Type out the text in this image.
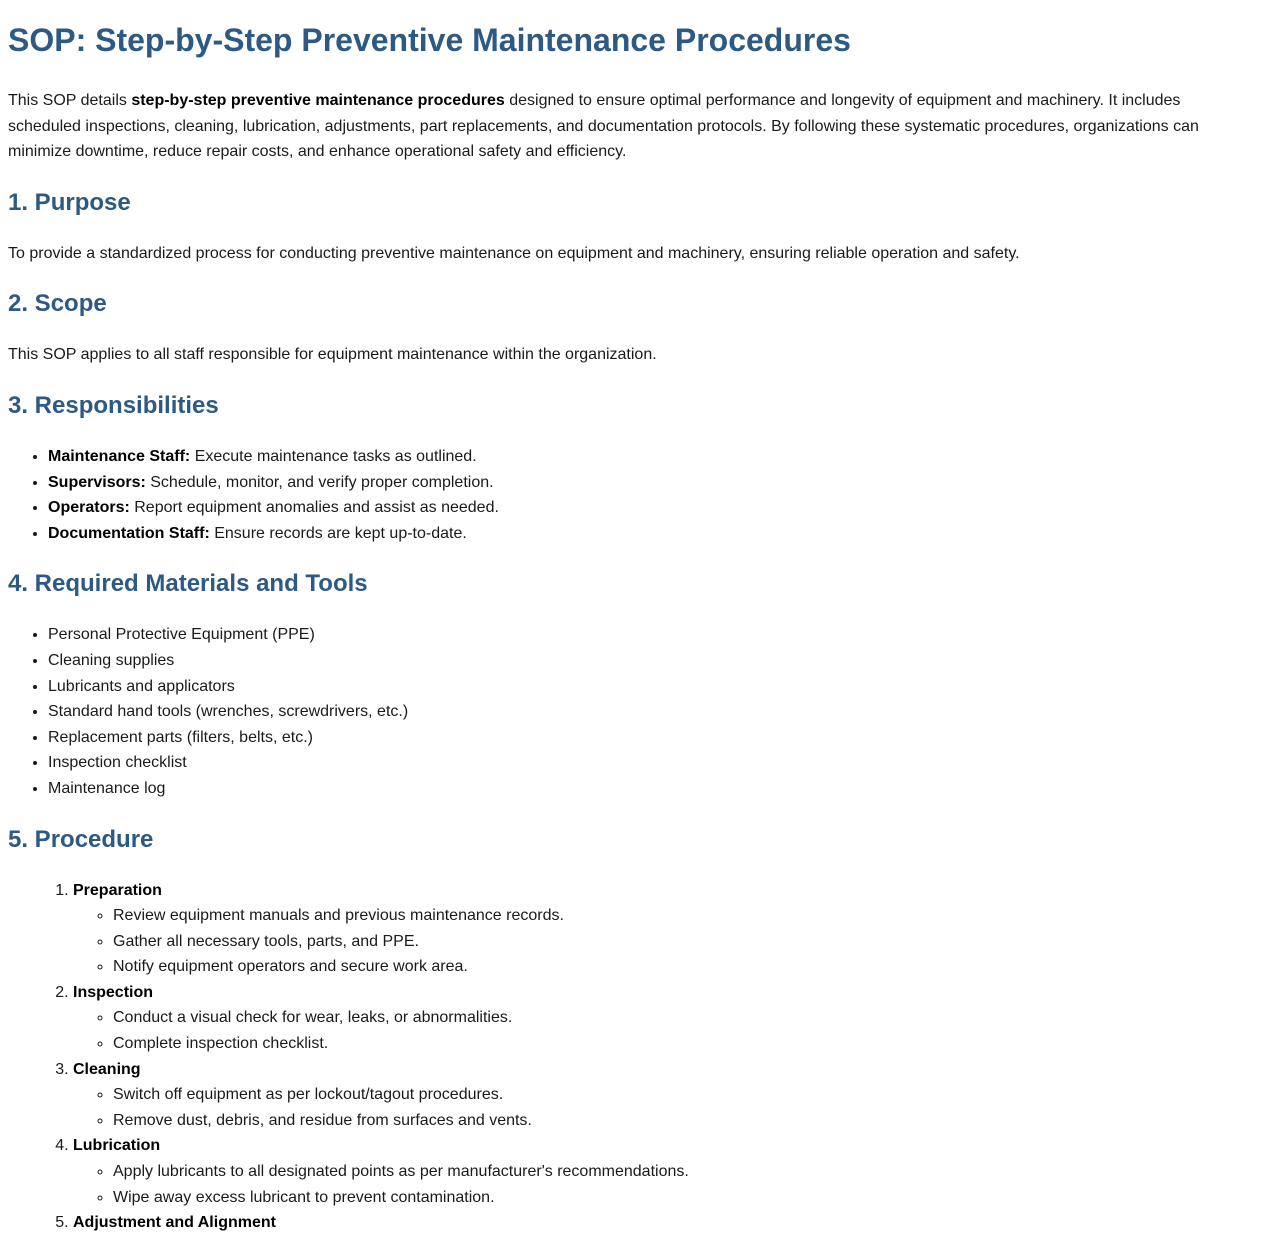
SOP: Step-by-Step Preventive Maintenance Procedures

This SOP details step-by-step preventive maintenance procedures designed to ensure optimal performance and longevity of equipment and machinery. It includes scheduled inspections, cleaning, lubrication, adjustments, part replacements, and documentation protocols. By following these systematic procedures, organizations can minimize downtime, reduce repair costs, and enhance operational safety and efficiency.

1. Purpose

To provide a standardized process for conducting preventive maintenance on equipment and machinery, ensuring reliable operation and safety.

2. Scope

This SOP applies to all staff responsible for equipment maintenance within the organization.

3. Responsibilities
• Maintenance Staff: Execute maintenance tasks as outlined.
• Supervisors: Schedule, monitor, and verify proper completion.
• Operators: Report equipment anomalies and assist as needed.
• Documentation Staff: Ensure records are kept up-to-date.
4. Required Materials and Tools
• Personal Protective Equipment (PPE)
• Cleaning supplies
• Lubricants and applicators
• Standard hand tools (wrenches, screwdrivers, etc.)
• Replacement parts (filters, belts, etc.)
• Inspection checklist
• Maintenance log
5. Procedure
1. Preparation
◦ Review equipment manuals and previous maintenance records.
◦ Gather all necessary tools, parts, and PPE.
◦ Notify equipment operators and secure work area.
2. Inspection
◦ Conduct a visual check for wear, leaks, or abnormalities.
◦ Complete inspection checklist.
3. Cleaning
◦ Switch off equipment as per lockout/tagout procedures.
◦ Remove dust, debris, and residue from surfaces and vents.
4. Lubrication
◦ Apply lubricants to all designated points as per manufacturer's recommendations.
◦ Wipe away excess lubricant to prevent contamination.
5. Adjustment and Alignment
